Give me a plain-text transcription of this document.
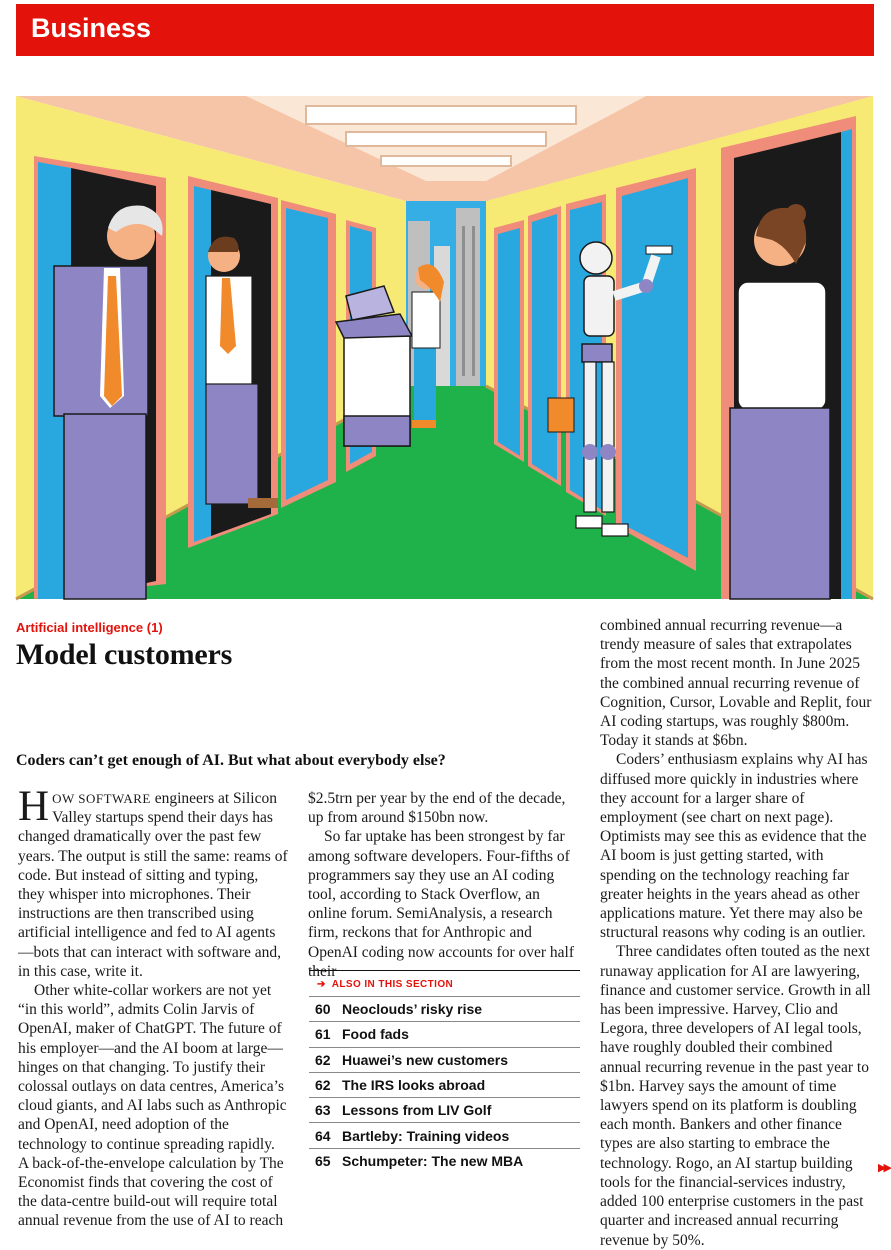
Business
Artificial intelligence (1)
Model customers
Coders can’t get enough of AI. But what about everybody else?

HOW SOFTWARE engineers at Silicon Valley startups spend their days has changed dramatically over the past few years. The output is still the same: reams of code. But instead of sitting and typing, they whisper into microphones. Their instructions are then transcribed using artificial intelligence and fed to AI agents—bots that can interact with software and, in this case, write it.

Other white-collar workers are not yet “in this world”, admits Colin Jarvis of OpenAI, maker of ChatGPT. The future of his employer—and the AI boom at large—hinges on that changing. To justify their colossal outlays on data centres, America’s cloud giants, and AI labs such as Anthropic and OpenAI, need adoption of the technology to continue spreading rapidly. A back-of-the-envelope calculation by The Economist finds that covering the cost of the data-centre build-out will require total annual revenue from the use of AI to reach

$2.5trn per year by the end of the decade, up from around $150bn now.

So far uptake has been strongest by far among software developers. Four-fifths of programmers say they use an AI coding tool, according to Stack Overflow, an online forum. SemiAnalysis, a research firm, reckons that for Anthropic and OpenAI coding now accounts for over half their

➔ ALSO IN THIS SECTION
60 Neoclouds’ risky rise
61 Food fads
62 Huawei’s new customers
62 The IRS looks abroad
63 Lessons from LIV Golf
64 Bartleby: Training videos
65 Schumpeter: The new MBA

combined annual recurring revenue—a trendy measure of sales that extrapolates from the most recent month. In June 2025 the combined annual recurring revenue of Cognition, Cursor, Lovable and Replit, four AI coding startups, was roughly $800m. Today it stands at $6bn.

Coders’ enthusiasm explains why AI has diffused more quickly in industries where they account for a larger share of employment (see chart on next page). Optimists may see this as evidence that the AI boom is just getting started, with spending on the technology reaching far greater heights in the years ahead as other applications mature. Yet there may also be structural reasons why coding is an outlier.

Three candidates often touted as the next runaway application for AI are lawyering, finance and customer service. Growth in all has been impressive. Harvey, Clio and Legora, three developers of AI legal tools, have roughly doubled their combined annual recurring revenue in the past year to $1bn. Harvey says the amount of time lawyers spend on its platform is doubling each month. Bankers and other finance types are also starting to embrace the technology. Rogo, an AI startup building tools for the financial-services industry, added 100 enterprise customers in the past quarter and increased annual recurring revenue by 50%.

▶▶
